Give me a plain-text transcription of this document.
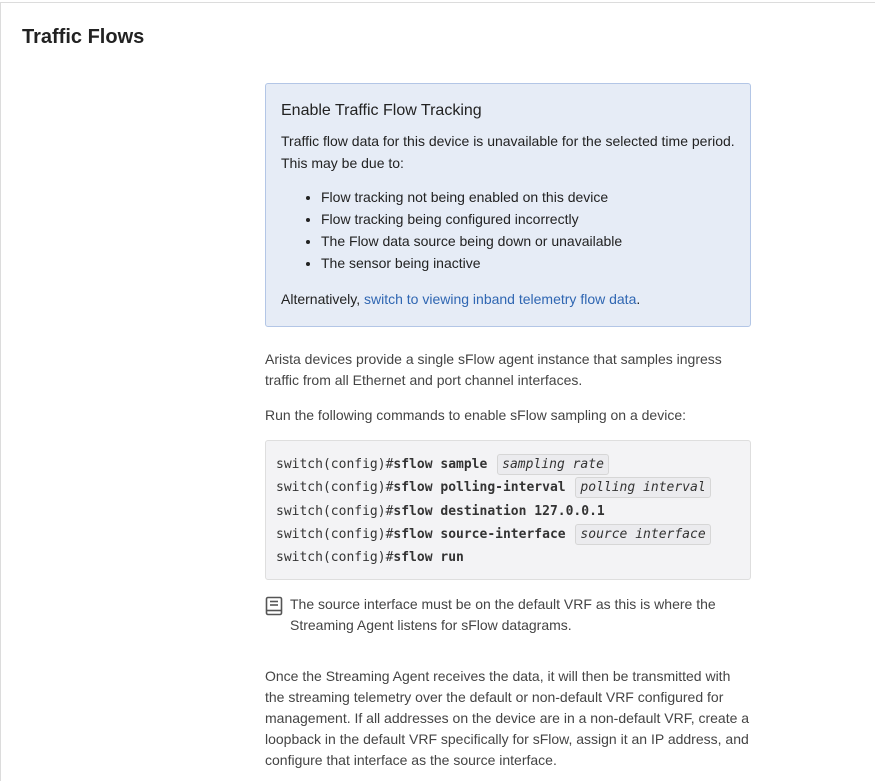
Traffic Flows
Enable Traffic Flow Tracking

Traffic flow data for this device is unavailable for the selected time period. This may be due to:

• Flow tracking not being enabled on this device
• Flow tracking being configured incorrectly
• The Flow data source being down or unavailable
• The sensor being inactive

Alternatively, switch to viewing inband telemetry flow data.

Arista devices provide a single sFlow agent instance that samples ingress traffic from all Ethernet and port channel interfaces.

Run the following commands to enable sFlow sampling on a device:

switch(config)#sflow sample sampling rate
switch(config)#sflow polling-interval polling interval
switch(config)#sflow destination 127.0.0.1
switch(config)#sflow source-interface source interface
switch(config)#sflow run

The source interface must be on the default VRF as this is where the Streaming Agent listens for sFlow datagrams.

Once the Streaming Agent receives the data, it will then be transmitted with the streaming telemetry over the default or non-default VRF configured for management. If all addresses on the device are in a non-default VRF, create a loopback in the default VRF specifically for sFlow, assign it an IP address, and configure that interface as the source interface.
